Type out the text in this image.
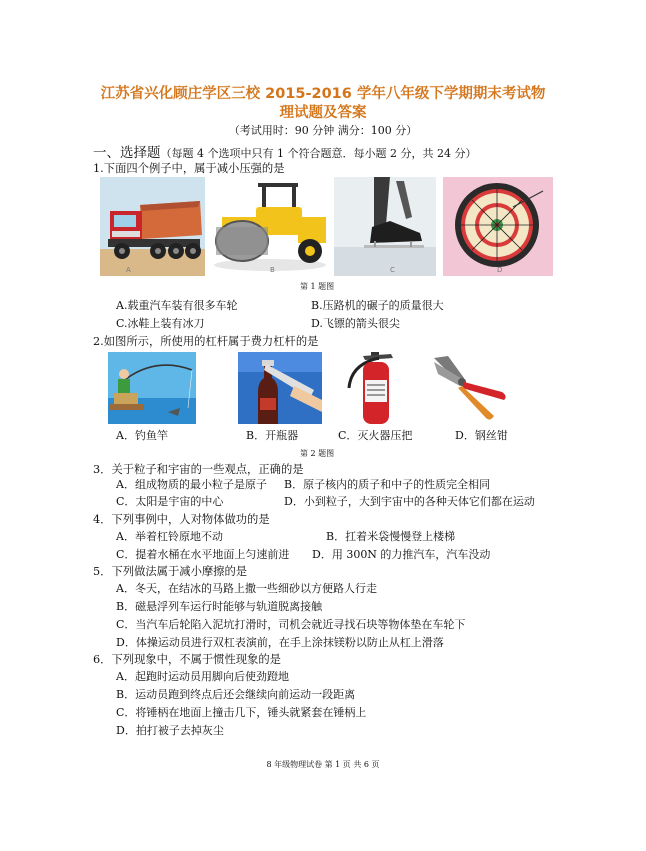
江苏省兴化顾庄学区三校 2015-2016 学年八年级下学期期末考试物
理试题及答案
（考试用时：90 分钟 满分：100 分）
一、选择题（每题 4 个选项中只有 1 个符合题意．每小题 2 分，共 24 分）
1.下面四个例子中，属于减小压强的是
A	B	C	D
第 1 题图
A.载重汽车装有很多车轮	B.压路机的碾子的质量很大
C.冰鞋上装有冰刀	D.飞镖的箭头很尖
2.如图所示，所使用的杠杆属于费力杠杆的是
A．钓鱼竿	B．开瓶器	C．灭火器压把	D．钢丝钳
第 2 题图
3．关于粒子和宇宙的一些观点，正确的是
A．组成物质的最小粒子是原子 B．原子核内的质子和中子的性质完全相同
C．太阳是宇宙的中心	D．小到粒子，大到宇宙中的各种天体它们都在运动
4．下列事例中，人对物体做功的是
A．举着杠铃原地不动	B．扛着米袋慢慢登上楼梯
C．提着水桶在水平地面上匀速前进 D．用 300N 的力推汽车，汽车没动
5．下列做法属于减小摩擦的是
A．冬天，在结冰的马路上撒一些细砂以方便路人行走
B．磁悬浮列车运行时能够与轨道脱离接触
C．当汽车后轮陷入泥坑打滑时，司机会就近寻找石块等物体垫在车轮下
D．体操运动员进行双杠表演前，在手上涂抹镁粉以防止从杠上滑落
6．下列现象中，不属于惯性现象的是
A．起跑时运动员用脚向后使劲蹬地
B．运动员跑到终点后还会继续向前运动一段距离
C．将锤柄在地面上撞击几下，锤头就紧套在锤柄上
D．拍打被子去掉灰尘
8 年级物理试卷 第 1 页 共 6 页
